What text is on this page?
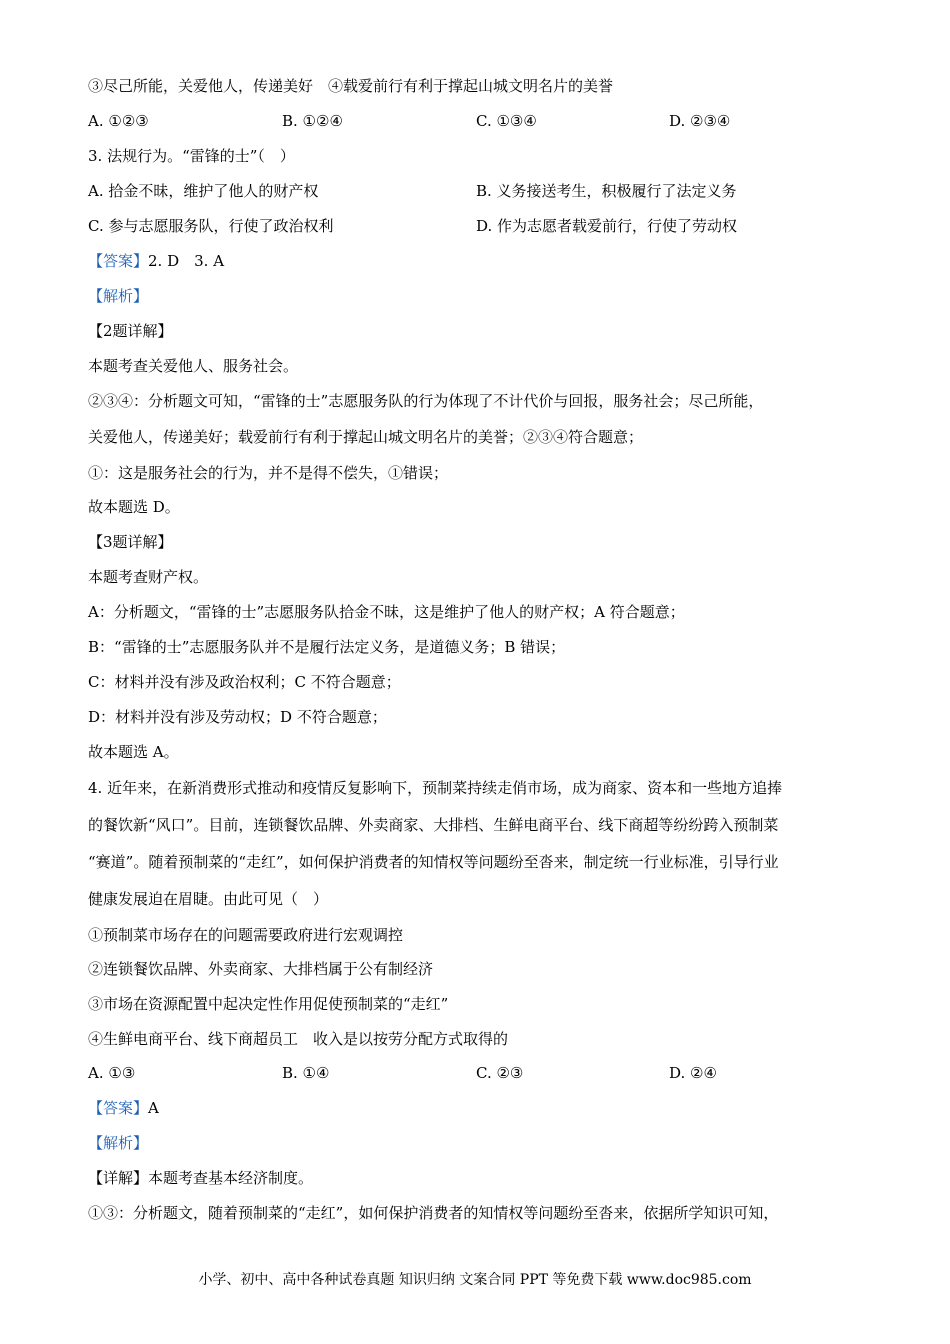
③尽己所能，关爱他人，传递美好　④载爱前行有利于撑起山城文明名片的美誉
A. ①②③	B. ①②④	C. ①③④	D. ②③④
3. 法规行为。“雷锋的士”（　）
A. 拾金不昧，维护了他人的财产权	B. 义务接送考生，积极履行了法定义务
C. 参与志愿服务队，行使了政治权利	D. 作为志愿者载爱前行，行使了劳动权
【答案】2. D　3. A
【解析】
【2题详解】
本题考查关爱他人、服务社会。
②③④：分析题文可知，“雷锋的士”志愿服务队的行为体现了不计代价与回报，服务社会；尽己所能，
关爱他人，传递美好；载爱前行有利于撑起山城文明名片的美誉；②③④符合题意；
①：这是服务社会的行为，并不是得不偿失，①错误；
故本题选 D。
【3题详解】
本题考查财产权。
A：分析题文，“雷锋的士”志愿服务队拾金不昧，这是维护了他人的财产权；A 符合题意；
B：“雷锋的士”志愿服务队并不是履行法定义务，是道德义务；B 错误；
C：材料并没有涉及政治权利；C 不符合题意；
D：材料并没有涉及劳动权；D 不符合题意；
故本题选 A。
4. 近年来，在新消费形式推动和疫情反复影响下，预制菜持续走俏市场，成为商家、资本和一些地方追捧
的餐饮新“风口”。目前，连锁餐饮品牌、外卖商家、大排档、生鲜电商平台、线下商超等纷纷跨入预制菜
“赛道”。随着预制菜的“走红”，如何保护消费者的知情权等问题纷至沓来，制定统一行业标准，引导行业
健康发展迫在眉睫。由此可见（　）
①预制菜市场存在的问题需要政府进行宏观调控
②连锁餐饮品牌、外卖商家、大排档属于公有制经济
③市场在资源配置中起决定性作用促使预制菜的“走红”
④生鲜电商平台、线下商超员工　收入是以按劳分配方式取得的
A. ①③	B. ①④	C. ②③	D. ②④
【答案】A
【解析】
【详解】本题考查基本经济制度。
①③：分析题文，随着预制菜的“走红”，如何保护消费者的知情权等问题纷至沓来，依据所学知识可知，
小学、初中、高中各种试卷真题 知识归纳 文案合同 PPT 等免费下载 www.doc985.com
